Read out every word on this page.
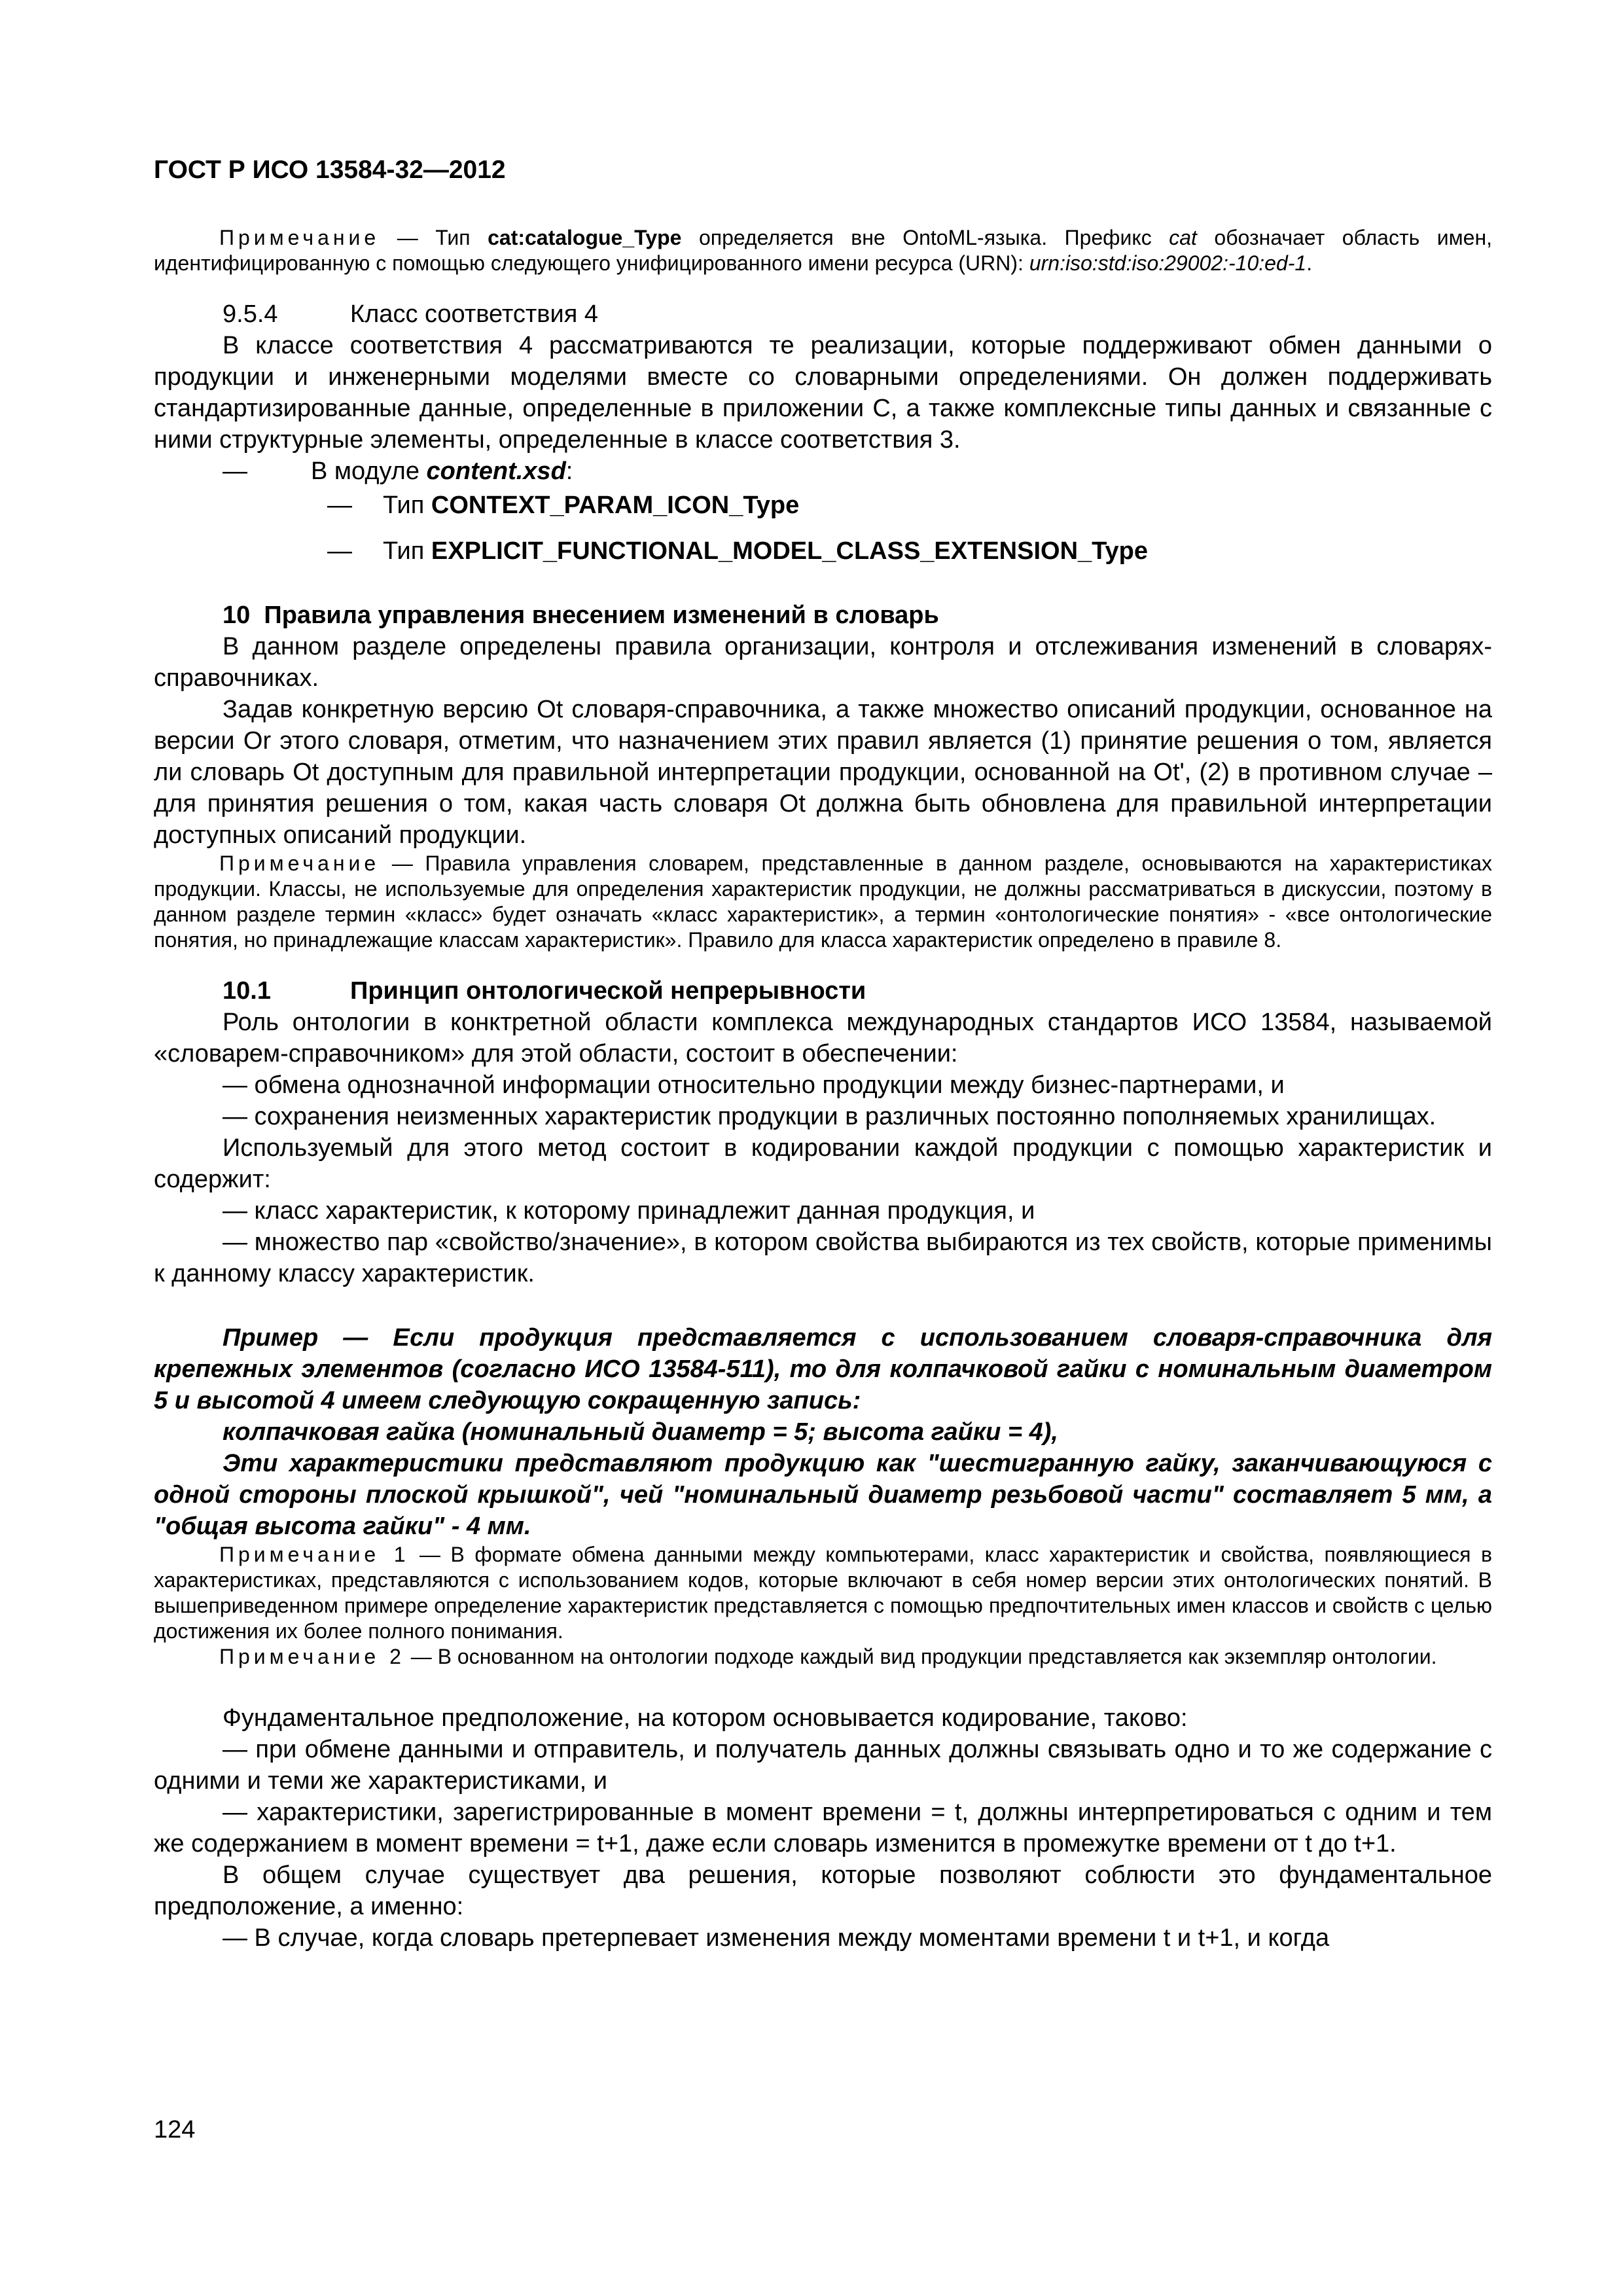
ГОСТ Р ИСО 13584-32—2012

Примечание — Тип cat:catalogue_Type определяется вне OntoML-языка. Префикс cat обозначает область имен, идентифицированную с помощью следующего унифицированного имени ресурса (URN): urn:iso:std:iso:29002:-10:ed-1.

9.5.4	Класс соответствия 4

В классе соответствия 4 рассматриваются те реализации, которые поддерживают обмен данными о продукции и инженерными моделями вместе со словарными определениями. Он должен поддерживать стандартизированные данные, определенные в приложении С, а также комплексные типы данных и связанные с ними структурные элементы, определенные в классе соответствия 3.

—	В модуле content.xsd:

— Тип CONTEXT_PARAM_ICON_Type

— Тип EXPLICIT_FUNCTIONAL_MODEL_CLASS_EXTENSION_Type

10 Правила управления внесением изменений в словарь

В данном разделе определены правила организации, контроля и отслеживания изменений в словарях-справочниках.

Задав конкретную версию Оt словаря-справочника, а также множество описаний продукции, основанное на версии Оr этого словаря, отметим, что назначением этих правил является (1) принятие решения о том, является ли словарь Оt доступным для правильной интерпретации продукции, основанной на Оt', (2) в противном случае – для принятия решения о том, какая часть словаря Оt должна быть обновлена для правильной интерпретации доступных описаний продукции.

Примечание — Правила управления словарем, представленные в данном разделе, основываются на характеристиках продукции. Классы, не используемые для определения характеристик продукции, не должны рассматриваться в дискуссии, поэтому в данном разделе термин «класс» будет означать «класс характеристик», а термин «онтологические понятия» - «все онтологические понятия, но принадлежащие классам характеристик». Правило для класса характеристик определено в правиле 8.

10.1	Принцип онтологической непрерывности

Роль онтологии в конктретной области комплекса международных стандартов ИСО 13584, называемой «словарем-справочником» для этой области, состоит в обеспечении:

— обмена однозначной информации относительно продукции между бизнес-партнерами, и

— сохранения неизменных характеристик продукции в различных постоянно пополняемых хранилищах.

Используемый для этого метод состоит в кодировании каждой продукции с помощью характеристик и содержит:

— класс характеристик, к которому принадлежит данная продукция, и

— множество пар «свойство/значение», в котором свойства выбираются из тех свойств, которые применимы к данному классу характеристик.

Пример — Если продукция представляется с использованием словаря-справочника для крепежных элементов (согласно ИСО 13584-511), то для колпачковой гайки с номинальным диаметром 5 и высотой 4 имеем следующую сокращенную запись:

колпачковая гайка (номинальный диаметр = 5; высота гайки = 4),

Эти характеристики представляют продукцию как "шестигранную гайку, заканчивающуюся с одной стороны плоской крышкой", чей "номинальный диаметр резьбовой части" составляет 5 мм, а "общая высота гайки" - 4 мм.

Примечание 1 — В формате обмена данными между компьютерами, класс характеристик и свойства, появляющиеся в характеристиках, представляются с использованием кодов, которые включают в себя номер версии этих онтологических понятий. В вышеприведенном примере определение характеристик представляется с помощью предпочтительных имен классов и свойств с целью достижения их более полного понимания.

Примечание 2 — В основанном на онтологии подходе каждый вид продукции представляется как экземпляр онтологии.

Фундаментальное предположение, на котором основывается кодирование, таково:

— при обмене данными и отправитель, и получатель данных должны связывать одно и то же содержание с одними и теми же характеристиками, и

— характеристики, зарегистрированные в момент времени = t, должны интерпретироваться с одним и тем же содержанием в момент времени = t+1, даже если словарь изменится в промежутке времени от t до t+1.

В общем случае существует два решения, которые позволяют соблюсти это фундаментальное предположение, а именно:

— В случае, когда словарь претерпевает изменения между моментами времени t и t+1, и когда

124
